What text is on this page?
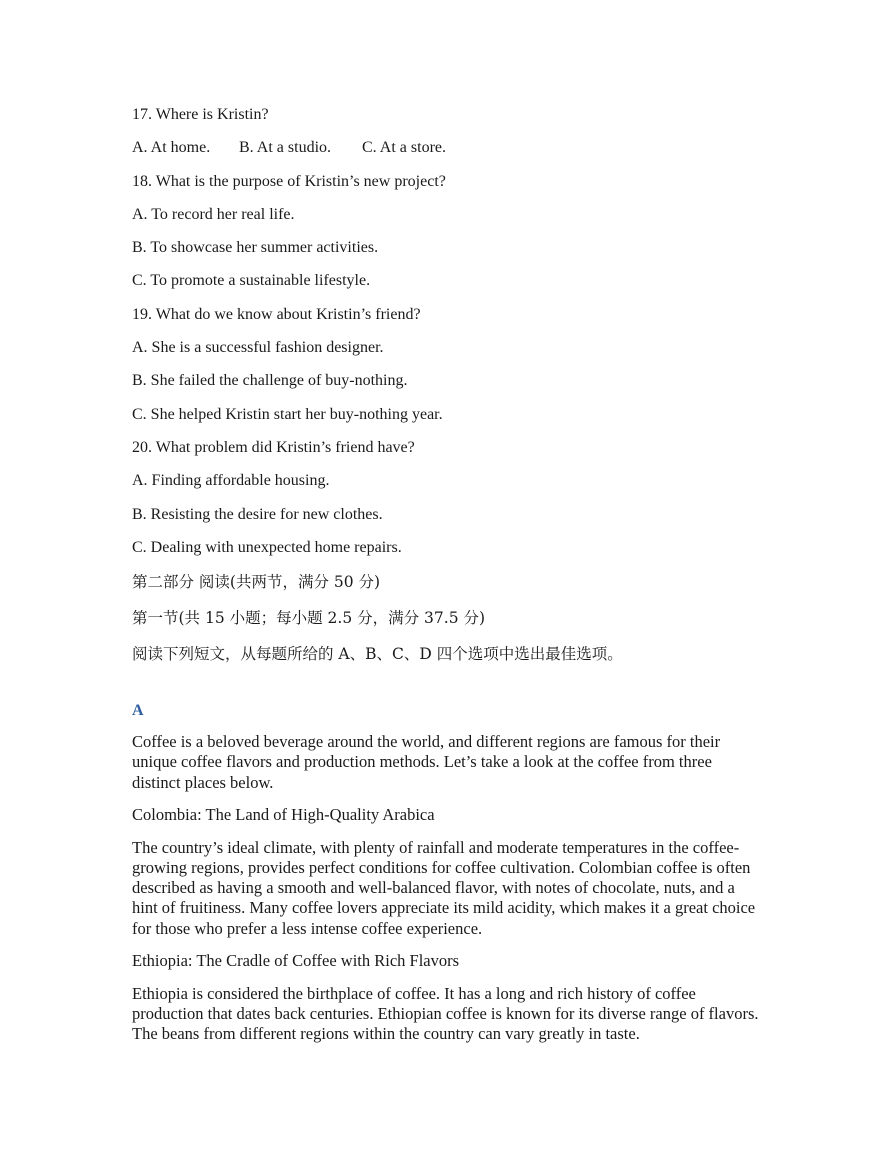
17. Where is Kristin?
A. At home. B. At a studio. C. At a store.
18. What is the purpose of Kristin’s new project?
A. To record her real life.
B. To showcase her summer activities.
C. To promote a sustainable lifestyle.
19. What do we know about Kristin’s friend?
A. She is a successful fashion designer.
B. She failed the challenge of buy-nothing.
C. She helped Kristin start her buy-nothing year.
20. What problem did Kristin’s friend have?
A. Finding affordable housing.
B. Resisting the desire for new clothes.
C. Dealing with unexpected home repairs.
第二部分 阅读(共两节，满分 50 分)
第一节(共 15 小题；每小题 2.5 分，满分 37.5 分)
阅读下列短文，从每题所给的 A、B、C、D 四个选项中选出最佳选项。
A

Coffee is a beloved beverage around the world, and different regions are famous for their unique coffee flavors and production methods. Let’s take a look at the coffee from three distinct places below.

Colombia: The Land of High-Quality Arabica

The country’s ideal climate, with plenty of rainfall and moderate temperatures in the coffee-growing regions, provides perfect conditions for coffee cultivation. Colombian coffee is often described as having a smooth and well-balanced flavor, with notes of chocolate, nuts, and a hint of fruitiness. Many coffee lovers appreciate its mild acidity, which makes it a great choice for those who prefer a less intense coffee experience.

Ethiopia: The Cradle of Coffee with Rich Flavors

Ethiopia is considered the birthplace of coffee. It has a long and rich history of coffee production that dates back centuries. Ethiopian coffee is known for its diverse range of flavors. The beans from different regions within the country can vary greatly in taste.
